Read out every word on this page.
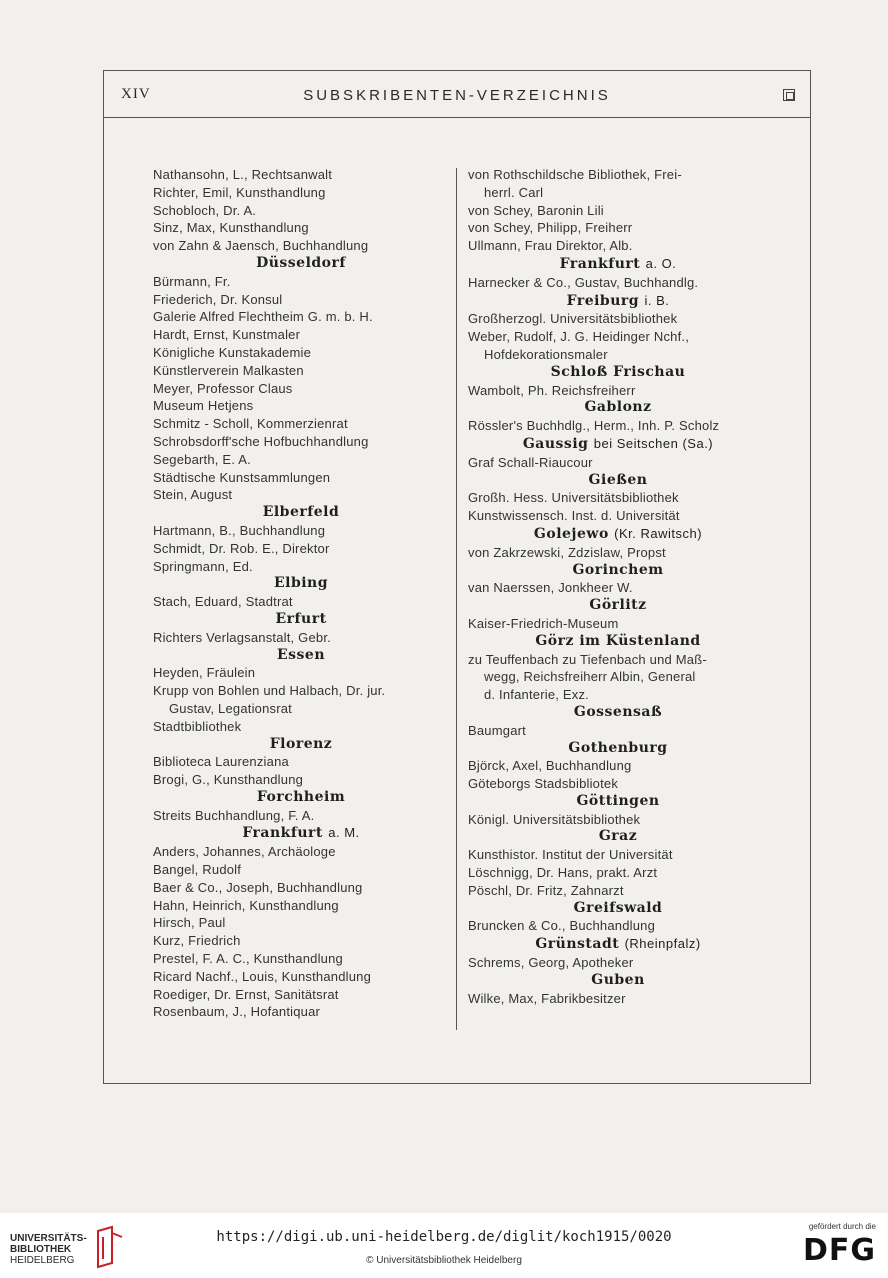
XIV	SUBSKRIBENTEN-VERZEICHNIS
Nathansohn, L., Rechtsanwalt
Richter, Emil, Kunsthandlung
Schobloch, Dr. A.
Sinz, Max, Kunsthandlung
von Zahn & Jaensch, Buchhandlung
Düsseldorf
Bürmann, Fr.
Friederich, Dr. Konsul
Galerie Alfred Flechtheim G. m. b. H.
Hardt, Ernst, Kunstmaler
Königliche Kunstakademie
Künstlerverein Malkasten
Meyer, Professor Claus
Museum Hetjens
Schmitz - Scholl, Kommerzienrat
Schrobsdorff'sche Hofbuchhandlung
Segebarth, E. A.
Städtische Kunstsammlungen
Stein, August
Elberfeld
Hartmann, B., Buchhandlung
Schmidt, Dr. Rob. E., Direktor
Springmann, Ed.
Elbing
Stach, Eduard, Stadtrat
Erfurt
Richters Verlagsanstalt, Gebr.
Essen
Heyden, Fräulein
Krupp von Bohlen und Halbach, Dr. jur.
Gustav, Legationsrat
Stadtbibliothek
Florenz
Biblioteca Laurenziana
Brogi, G., Kunsthandlung
Forchheim
Streits Buchhandlung, F. A.
Frankfurt a. M.
Anders, Johannes, Archäologe
Bangel, Rudolf
Baer & Co., Joseph, Buchhandlung
Hahn, Heinrich, Kunsthandlung
Hirsch, Paul
Kurz, Friedrich
Prestel, F. A. C., Kunsthandlung
Ricard Nachf., Louis, Kunsthandlung
Roediger, Dr. Ernst, Sanitätsrat
Rosenbaum, J., Hofantiquar
von Rothschildsche Bibliothek, Frei-
herrl. Carl
von Schey, Baronin Lili
von Schey, Philipp, Freiherr
Ullmann, Frau Direktor, Alb.
Frankfurt a. O.
Harnecker & Co., Gustav, Buchhandlg.
Freiburg i. B.
Großherzogl. Universitätsbibliothek
Weber, Rudolf, J. G. Heidinger Nchf.,
Hofdekorationsmaler
Schloß Frischau
Wambolt, Ph. Reichsfreiherr
Gablonz
Rössler's Buchhdlg., Herm., Inh. P. Scholz
Gaussig bei Seitschen (Sa.)
Graf Schall-Riaucour
Gießen
Großh. Hess. Universitätsbibliothek
Kunstwissensch. Inst. d. Universität
Golejewo (Kr. Rawitsch)
von Zakrzewski, Zdzislaw, Propst
Gorinchem
van Naerssen, Jonkheer W.
Görlitz
Kaiser-Friedrich-Museum
Görz im Küstenland
zu Teuffenbach zu Tiefenbach und Maß-
wegg, Reichsfreiherr Albin, General
d. Infanterie, Exz.
Gossensaß
Baumgart
Gothenburg
Björck, Axel, Buchhandlung
Göteborgs Stadsbibliotek
Göttingen
Königl. Universitätsbibliothek
Graz
Kunsthistor. Institut der Universität
Löschnigg, Dr. Hans, prakt. Arzt
Pöschl, Dr. Fritz, Zahnarzt
Greifswald
Bruncken & Co., Buchhandlung
Grünstadt (Rheinpfalz)
Schrems, Georg, Apotheker
Guben
Wilke, Max, Fabrikbesitzer
UNIVERSITÄTS-
BIBLIOTHEK
HEIDELBERG
https://digi.ub.uni-heidelberg.de/diglit/koch1915/0020
© Universitätsbibliothek Heidelberg
gefördert durch die
DFG
